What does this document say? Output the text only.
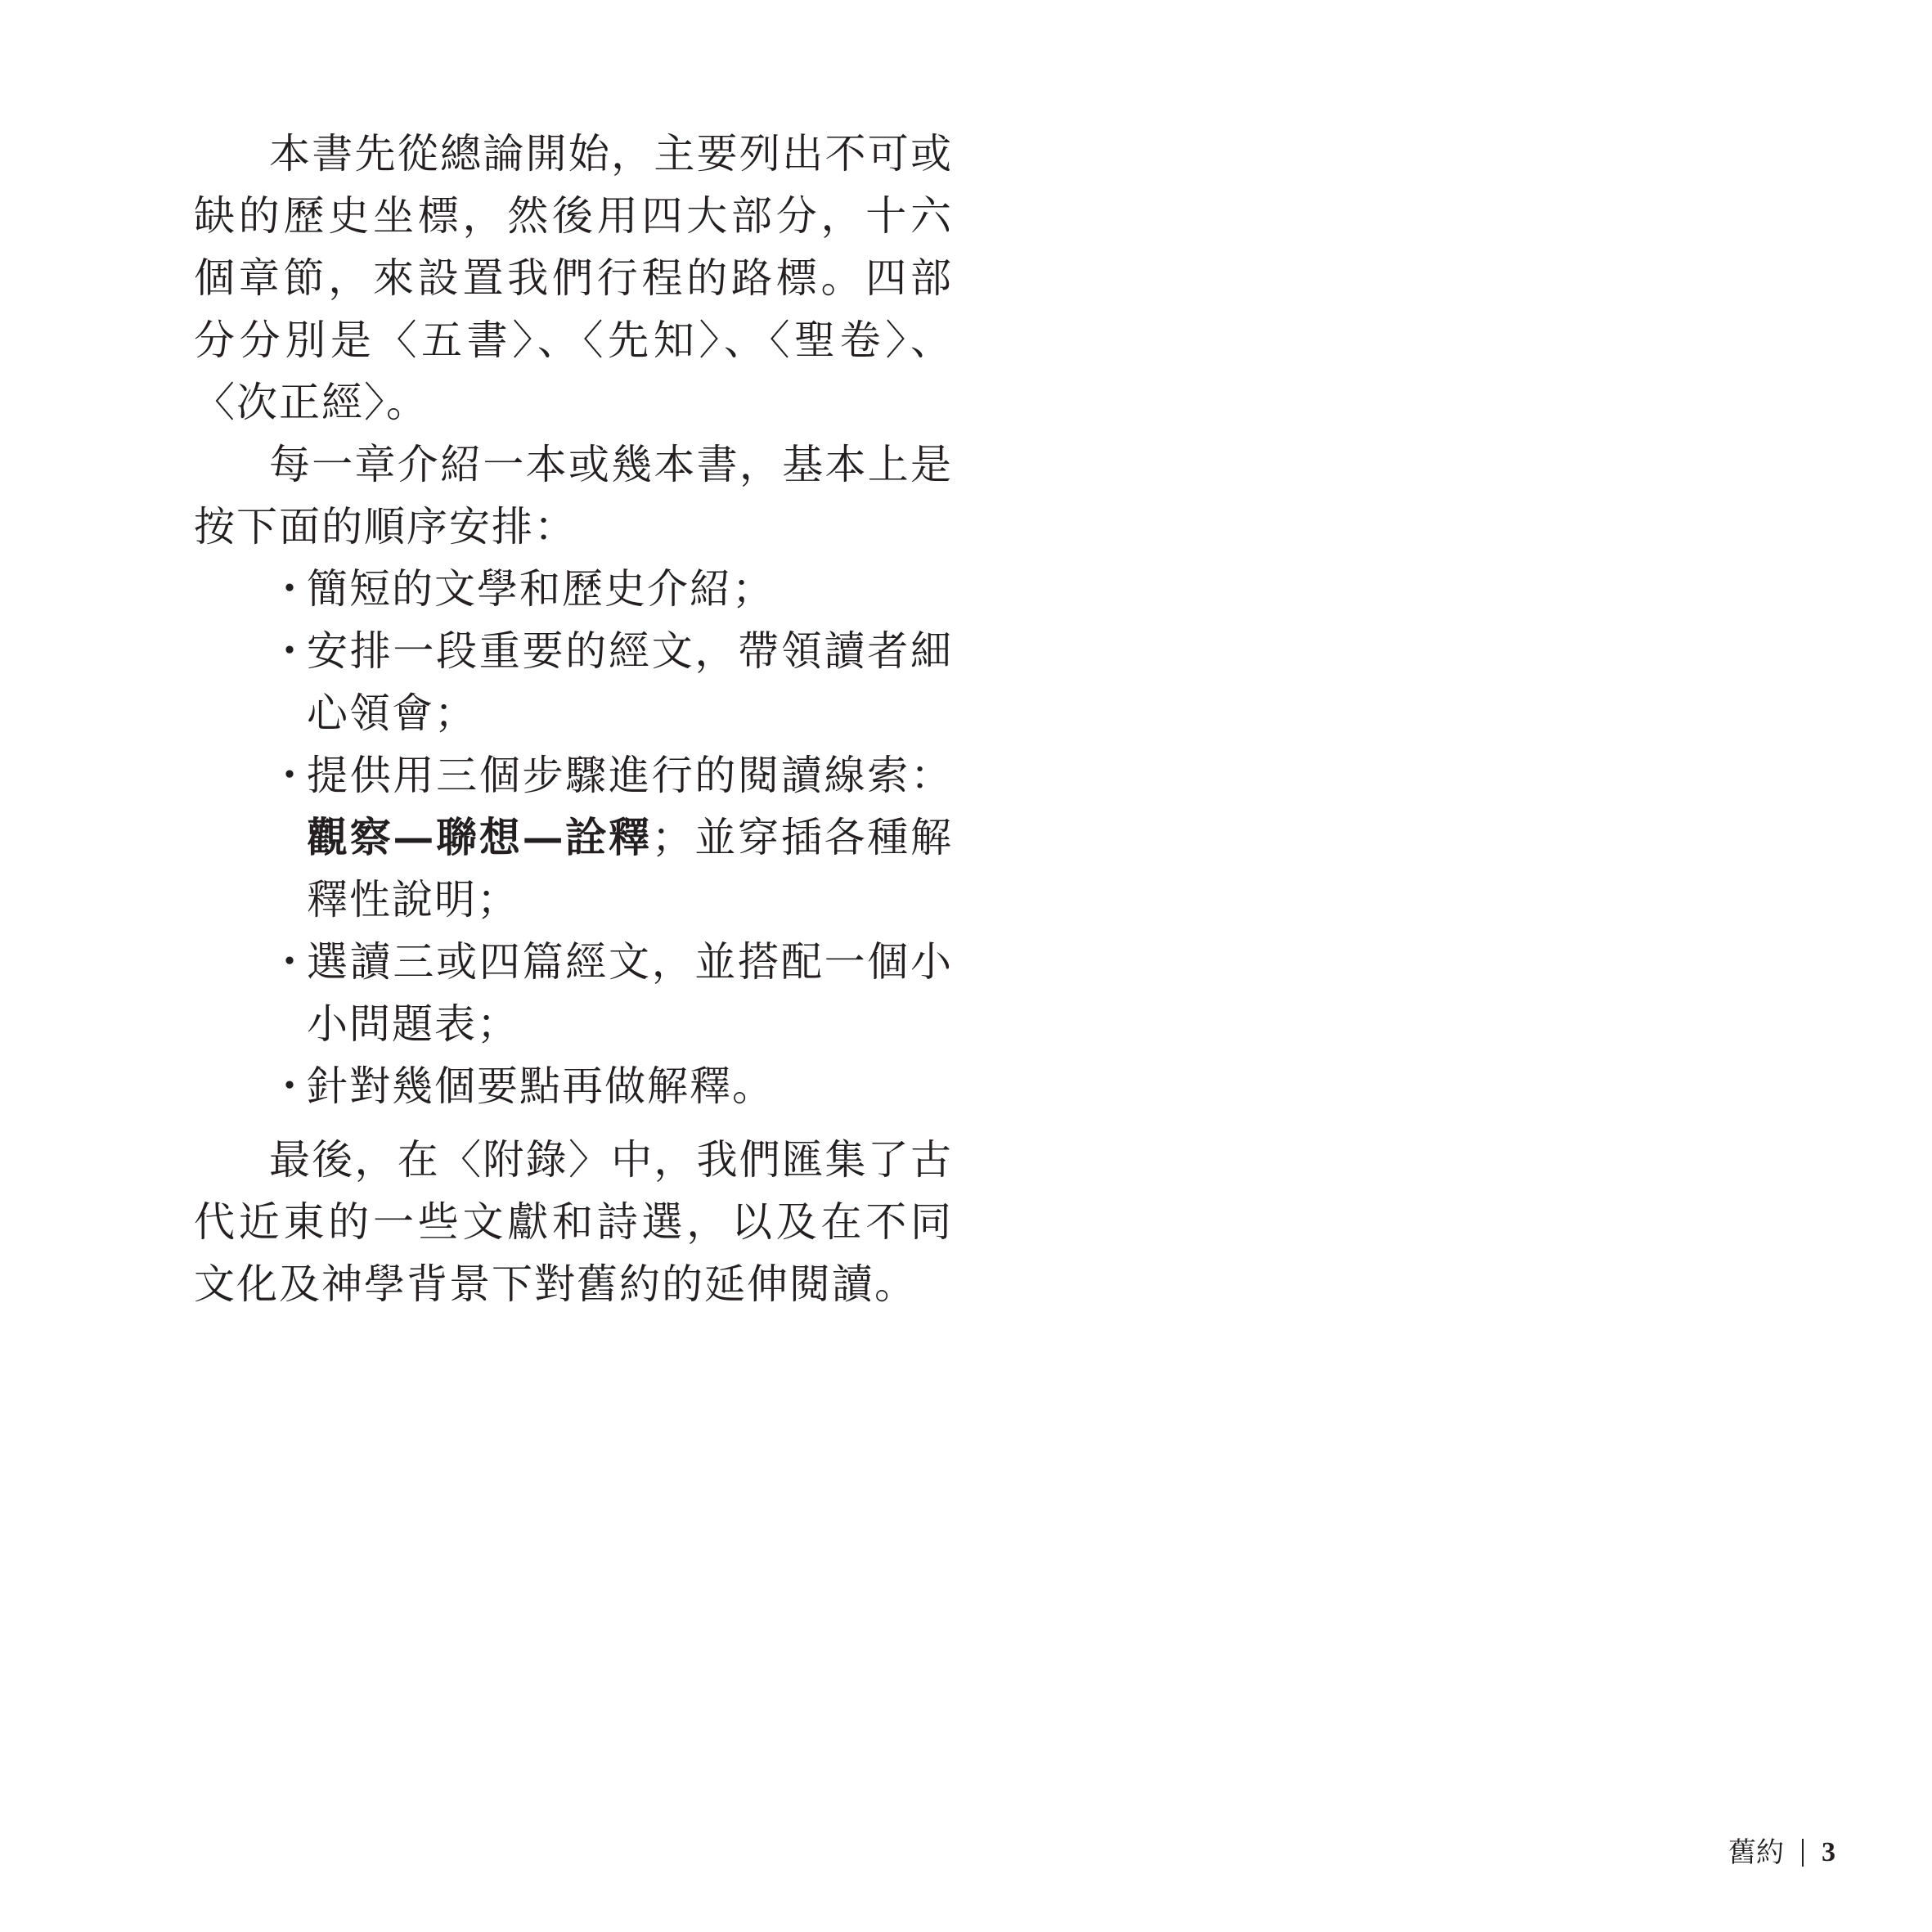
本書先從總論開始，主要列出不可或缺的歷史坐標，然後用四大部分，十六個章節，來設置我們行程的路標。四部分分別是〈五書〉、〈先知〉、〈聖卷〉、〈次正經〉。

每一章介紹一本或幾本書，基本上是按下面的順序安排：

・
簡短的文學和歷史介紹；
・
安排一段重要的經文，帶領讀者細心領會；
・
提供用三個步驟進行的閱讀線索：觀察—聯想—詮釋；並穿插各種解釋性說明；
・
選讀三或四篇經文，並搭配一個小小問題表；
・
針對幾個要點再做解釋。

最後，在〈附錄〉中，我們匯集了古代近東的一些文獻和詩選，以及在不同文化及神學背景下對舊約的延伸閱讀。

舊約 3
